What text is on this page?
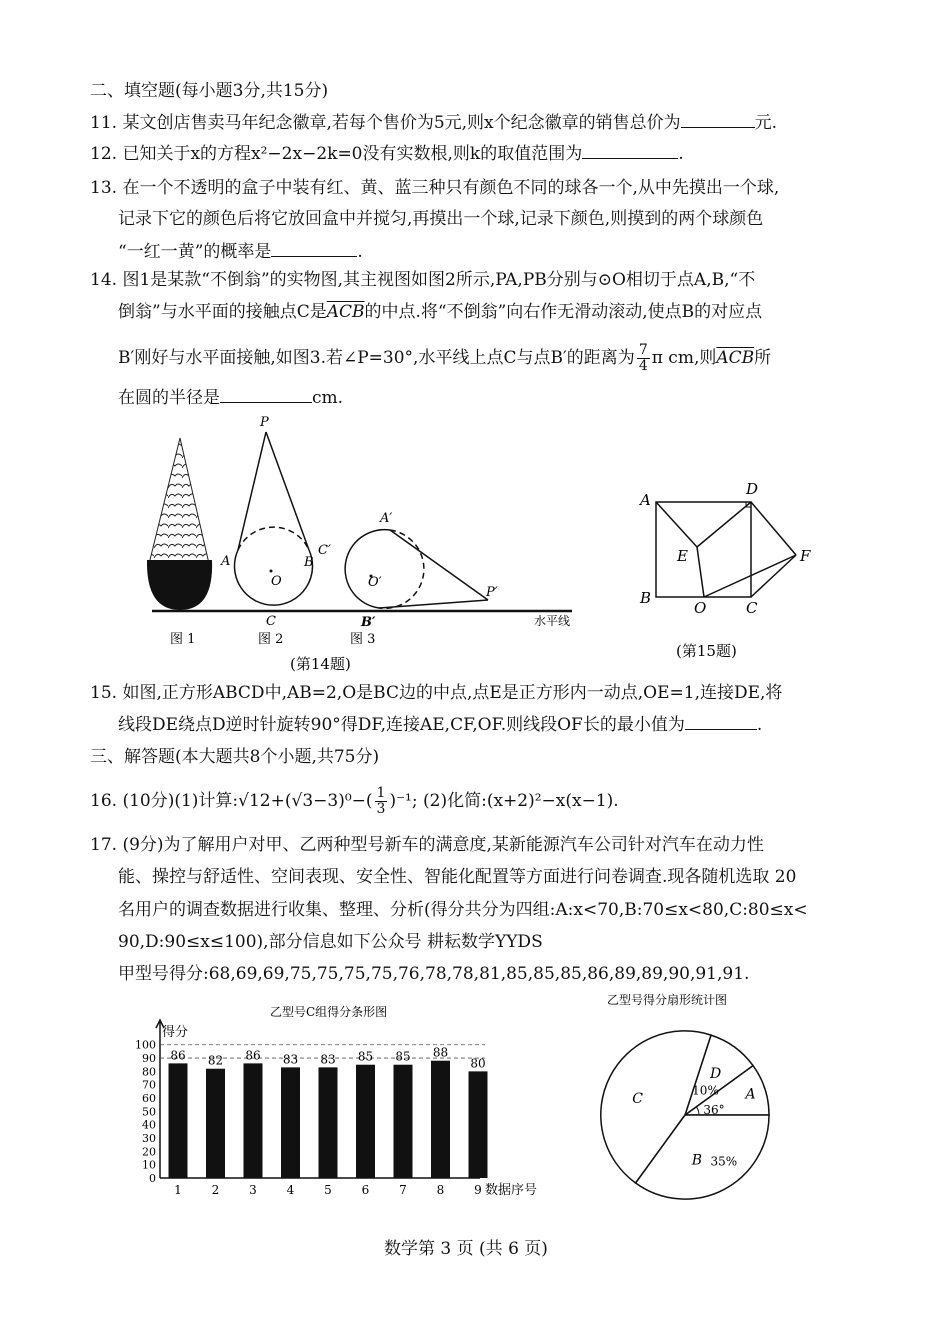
二、填空题(每小题3分,共15分)
11. 某文创店售卖马年纪念徽章,若每个售价为5元,则x个纪念徽章的销售总价为	元.
12. 已知关于x的方程x²−2x−2k=0没有实数根,则k的取值范围为	.
13. 在一个不透明的盒子中装有红、黄、蓝三种只有颜色不同的球各一个,从中先摸出一个球,
记录下它的颜色后将它放回盒中并搅匀,再摸出一个球,记录下颜色,则摸到的两个球颜色
“一红一黄”的概率是	.
14. 图1是某款“不倒翁”的实物图,其主视图如图2所示,PA,PB分别与⊙O相切于点A,B,“不
倒翁”与水平面的接触点C是$\overline{ACB}$的中点.将“不倒翁”向右作无滑动滚动,使点B的对应点
B′刚好与水平面接触,如图3.若∠P=30°,水平线上点C与点B′的距离为 $\frac{7}{4}$ π cm,则$\overline{ACB}$所
在圆的半径是	cm.
P
A	B
C
O
C′
A′
O′
P′
B′
图 1	图 2	图 3
水平线
(第14题)
A
D
E	F
B
O	C
(第15题)
15. 如图,正方形ABCD中,AB=2,O是BC边的中点,点E是正方形内一动点,OE=1,连接DE,将
线段DE绕点D逆时针旋转90°得DF,连接AE,CF,OF.则线段OF长的最小值为	.
三、解答题(本大题共8个小题,共75分)
16. (10分)(1)计算:√12+(√3−3)⁰−( $\frac{1}{3} )^{-1}$; (2)化简:(x+2)²−x(x−1).
17. (9分)为了解用户对甲、乙两种型号新车的满意度,某新能源汽车公司针对汽车在动力性
能、操控与舒适性、空间表现、安全性、智能化配置等方面进行问卷调查.现各随机选取 20
名用户的调查数据进行收集、整理、分析(得分共分为四组:A:x<70,B:70≤x<80,C:80≤x<
90,D:90≤x≤100),部分信息如下公众号 耕耘数学YYDS
甲型号得分:68,69,69,75,75,75,75,76,78,78,81,85,85,85,86,89,89,90,91,91.
乙型号C组得分条形图
得分
数据序号
0
10
20
30
40
50
60
70
80
90
100
86 82 86 83 83 85 85 88
80
1 2 3 4 5 6 7 8 9
乙型号得分扇形统计图
A
36°
D
10%
C
B 35%
数学第 3 页 (共 6 页)
